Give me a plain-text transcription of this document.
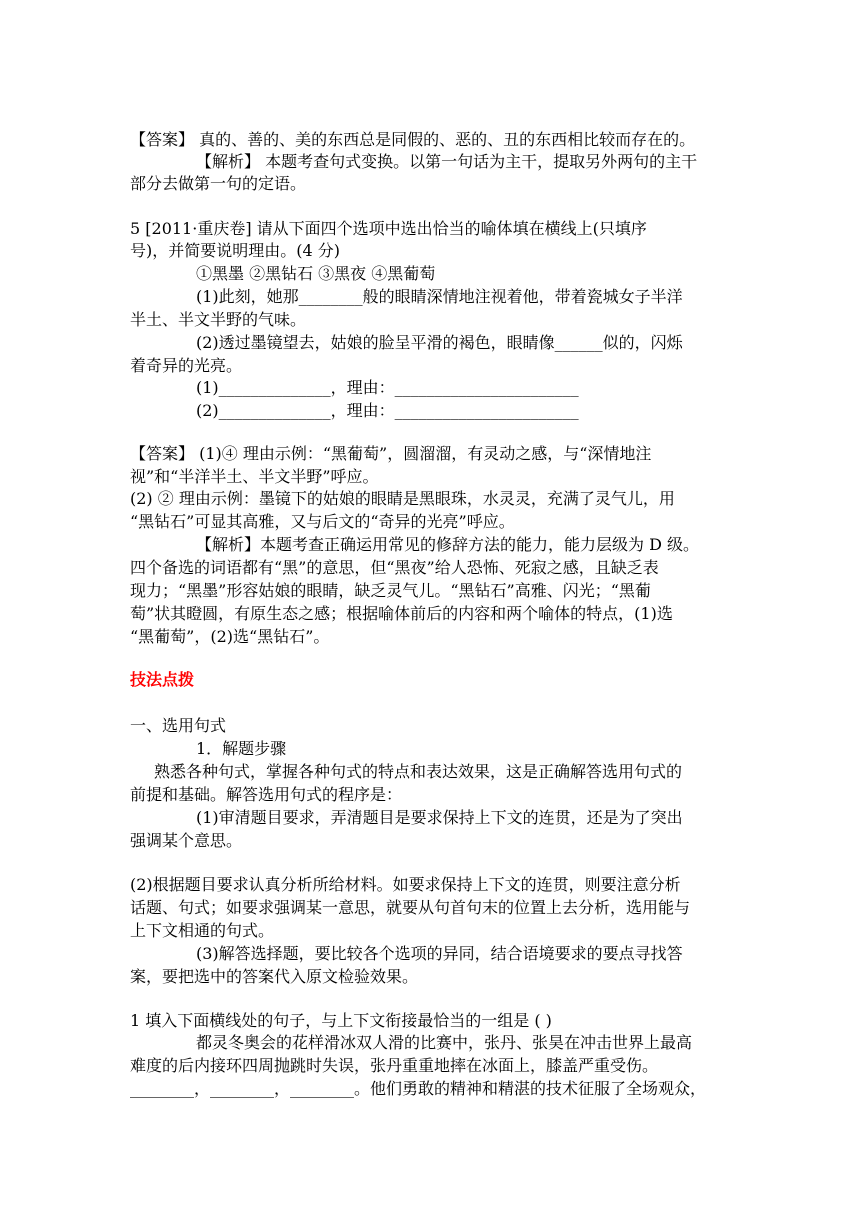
【答案】 真的、善的、美的东西总是同假的、恶的、丑的东西相比较而存在的。
【解析】 本题考查句式变换。以第一句话为主干，提取另外两句的主干
部分去做第一句的定语。
5 [2011·重庆卷] 请从下面四个选项中选出恰当的喻体填在横线上(只填序
号)，并简要说明理由。(4 分)
①黑墨 ②黑钻石 ③黑夜 ④黑葡萄
(1)此刻，她那________般的眼睛深情地注视着他，带着瓷城女子半洋
半土、半文半野的气味。
(2)透过墨镜望去，姑娘的脸呈平滑的褐色，眼睛像______似的，闪烁
着奇异的光亮。
(1)______________，理由：_______________________
(2)______________，理由：_______________________
【答案】 (1)④ 理由示例：“黑葡萄”，圆溜溜，有灵动之感，与“深情地注
视”和“半洋半土、半文半野”呼应。
(2) ② 理由示例：墨镜下的姑娘的眼睛是黑眼珠，水灵灵，充满了灵气儿，用
“黑钻石”可显其高雅，又与后文的“奇异的光亮”呼应。
【解析】本题考查正确运用常见的修辞方法的能力，能力层级为 D 级。
四个备选的词语都有“黑”的意思，但“黑夜”给人恐怖、死寂之感，且缺乏表
现力；“黑墨”形容姑娘的眼睛，缺乏灵气儿。“黑钻石”高雅、闪光；“黑葡
萄”状其瞪圆，有原生态之感；根据喻体前后的内容和两个喻体的特点，(1)选
“黑葡萄”，(2)选“黑钻石”。
技法点拨
一、选用句式
1．解题步骤
熟悉各种句式，掌握各种句式的特点和表达效果，这是正确解答选用句式的
前提和基础。解答选用句式的程序是：
(1)审清题目要求，弄清题目是要求保持上下文的连贯，还是为了突出
强调某个意思。
(2)根据题目要求认真分析所给材料。如要求保持上下文的连贯，则要注意分析
话题、句式；如要求强调某一意思，就要从句首句末的位置上去分析，选用能与
上下文相通的句式。
(3)解答选择题，要比较各个选项的异同，结合语境要求的要点寻找答
案，要把选中的答案代入原文检验效果。
1 填入下面横线处的句子，与上下文衔接最恰当的一组是 ( )
都灵冬奥会的花样滑冰双人滑的比赛中，张丹、张昊在冲击世界上最高
难度的后内接环四周抛跳时失误，张丹重重地摔在冰面上，膝盖严重受伤。
________，________，________。他们勇敢的精神和精湛的技术征服了全场观众，
